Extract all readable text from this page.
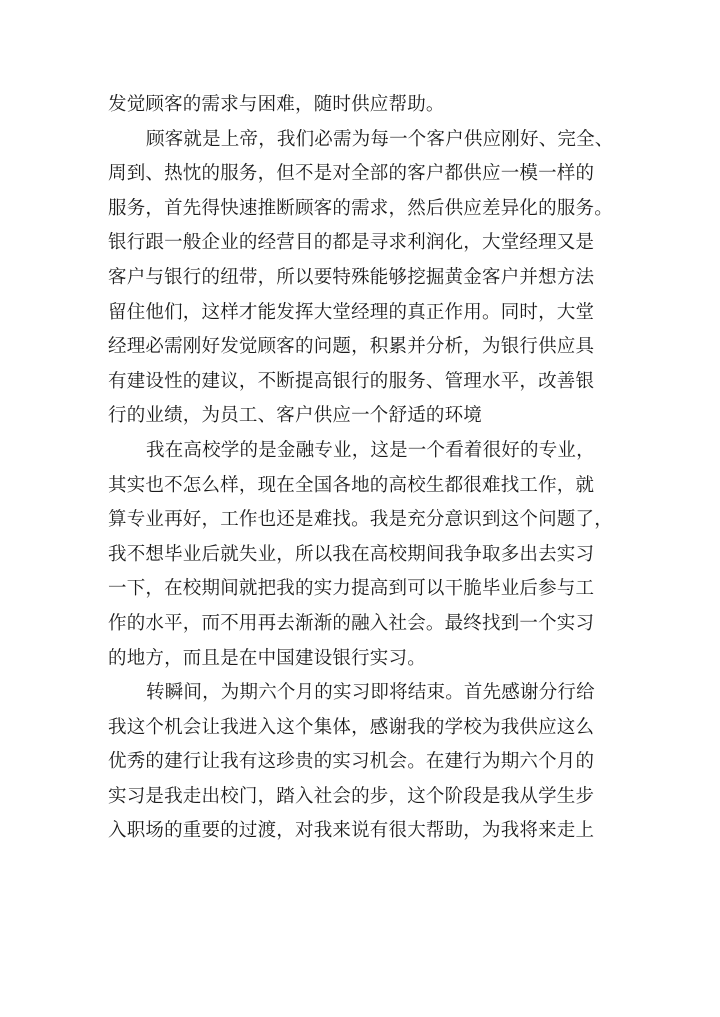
发觉顾客的需求与困难，随时供应帮助。
顾客就是上帝，我们必需为每一个客户供应刚好、完全、
周到、热忱的服务，但不是对全部的客户都供应一模一样的
服务，首先得快速推断顾客的需求，然后供应差异化的服务。
银行跟一般企业的经营目的都是寻求利润化，大堂经理又是
客户与银行的纽带，所以要特殊能够挖掘黄金客户并想方法
留住他们，这样才能发挥大堂经理的真正作用。同时，大堂
经理必需刚好发觉顾客的问题，积累并分析，为银行供应具
有建设性的建议，不断提高银行的服务、管理水平，改善银
行的业绩，为员工、客户供应一个舒适的环境
我在高校学的是金融专业，这是一个看着很好的专业，
其实也不怎么样，现在全国各地的高校生都很难找工作，就
算专业再好，工作也还是难找。我是充分意识到这个问题了，
我不想毕业后就失业，所以我在高校期间我争取多出去实习
一下，在校期间就把我的实力提高到可以干脆毕业后参与工
作的水平，而不用再去渐渐的融入社会。最终找到一个实习
的地方，而且是在中国建设银行实习。
转瞬间，为期六个月的实习即将结束。首先感谢分行给
我这个机会让我进入这个集体，感谢我的学校为我供应这么
优秀的建行让我有这珍贵的实习机会。在建行为期六个月的
实习是我走出校门，踏入社会的步，这个阶段是我从学生步
入职场的重要的过渡，对我来说有很大帮助，为我将来走上
